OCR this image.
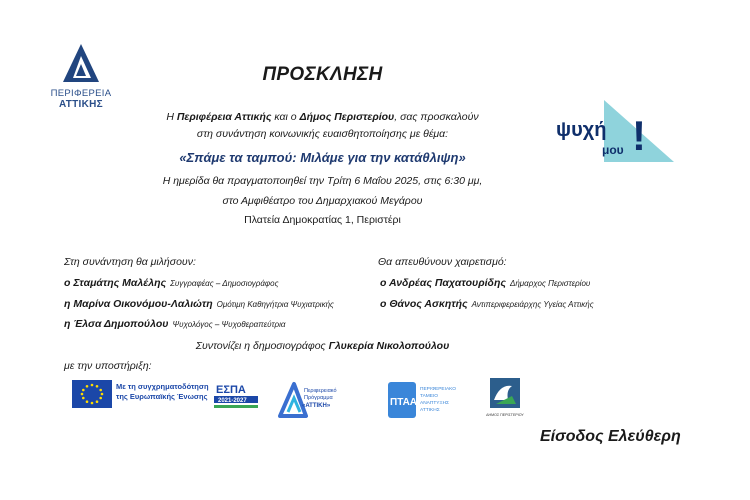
ΠΕΡΙΦΕΡΕΙΑ
ΑΤΤΙΚΗΣ
ΠΡΟΣΚΛΗΣΗ
Η Περιφέρεια Αττικής και ο Δήμος Περιστερίου, σας προσκαλούν
στη συνάντηση κοινωνικής ευαισθητοποίησης με θέμα:
«Σπάμε τα ταμπού: Μιλάμε για την κατάθλιψη»
Η ημερίδα θα πραγματοποιηθεί την Τρίτη 6 Μαΐου 2025, στις 6:30 μμ,
στο Αμφιθέατρο του Δημαρχιακού Μεγάρου
Πλατεία Δημοκρατίας 1, Περιστέρι
ψυχή
μου !
Στη συνάντηση θα μιλήσουν:	Θα απευθύνουν χαιρετισμό:
ο Σταμάτης Μαλέλης Συγγραφέας – Δημοσιογράφος
η Μαρίνα Οικονόμου-Λαλιώτη Ομότιμη Καθηγήτρια Ψυχιατρικής
η Έλσα Δημοπούλου Ψυχολόγος – Ψυχοθεραπεύτρια
ο Ανδρέας Παχατουρίδης Δήμαρχος Περιστερίου
ο Θάνος Ασκητής Αντιπεριφερειάρχης Υγείας Αττικής
Συντονίζει η δημοσιογράφος Γλυκερία Νικολοπούλου
με την υποστήριξη:
Με τη συγχρηματοδότηση της Ευρωπαϊκής Ένωσης
ΕΣΠΑ
2021-2027
Περιφερειακό
Πρόγραμμα
«ΑΤΤΙΚΗ»	ΠΤΑΑ
ΠΕΡΙΦΕΡΕΙΑΚΟ
ΤΑΜΕΙΟ
ΑΝΑΠΤΥΞΗΣ
ΑΤΤΙΚΗΣ
ΔΗΜΟΣ ΠΕΡΙΣΤΕΡΙΟΥ
Είσοδος Ελεύθερη
